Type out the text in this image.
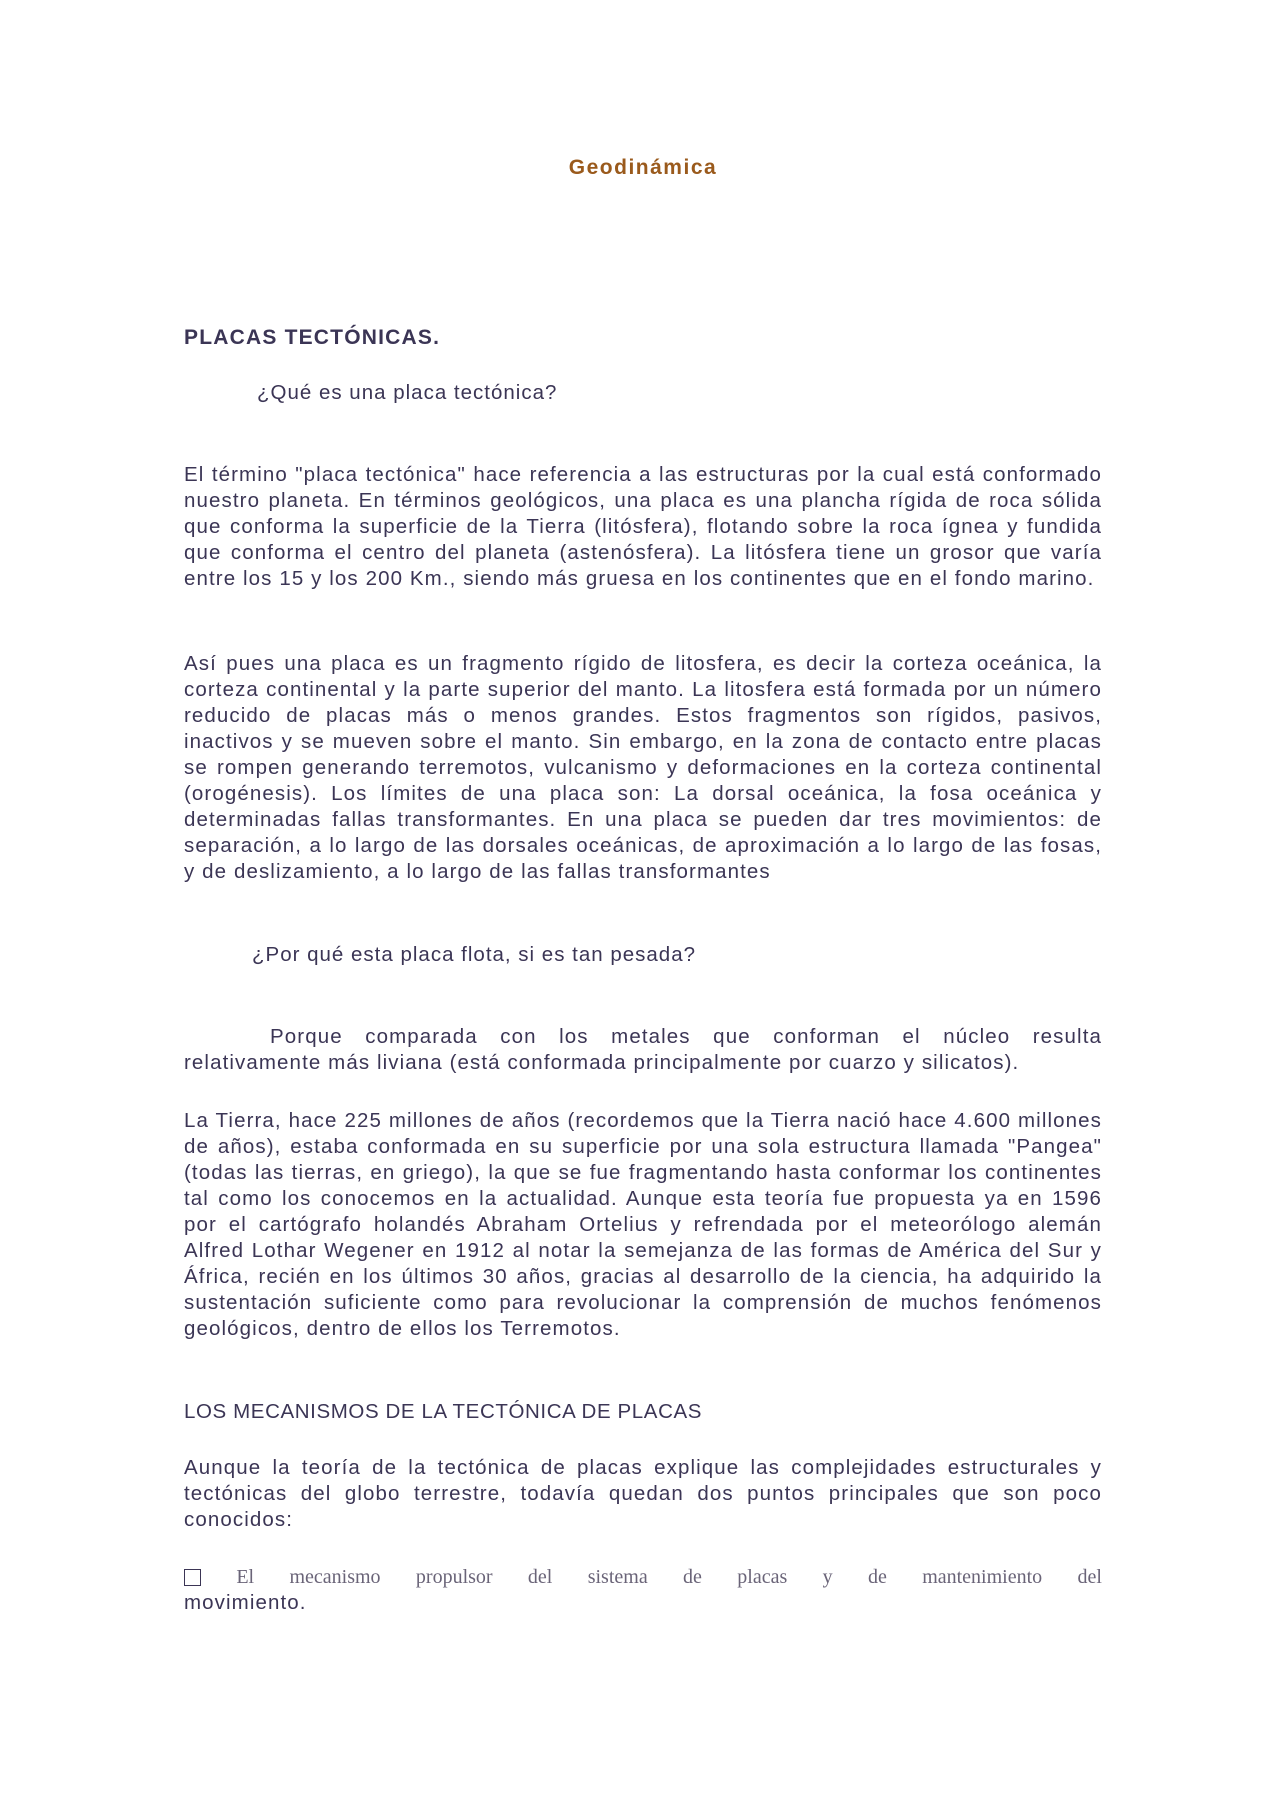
Geodinámica
PLACAS TECTÓNICAS.
¿Qué es una placa tectónica?
El término "placa tectónica" hace referencia a las estructuras por la cual está conformado nuestro planeta. En términos geológicos, una placa es una plancha rígida de roca sólida que conforma la superficie de la Tierra (litósfera), flotando sobre la roca ígnea y fundida que conforma el centro del planeta (astenósfera). La litósfera tiene un grosor que varía entre los 15 y los 200 Km., siendo más gruesa en los continentes que en el fondo marino.
Así pues una placa es un fragmento rígido de litosfera, es decir la corteza oceánica, la corteza continental y la parte superior del manto. La litosfera está formada por un número reducido de placas más o menos grandes. Estos fragmentos son rígidos, pasivos, inactivos y se mueven sobre el manto. Sin embargo, en la zona de contacto entre placas se rompen generando terremotos, vulcanismo y deformaciones en la corteza continental (orogénesis). Los límites de una placa son: La dorsal oceánica, la fosa oceánica y determinadas fallas transformantes. En una placa se pueden dar tres movimientos: de separación, a lo largo de las dorsales oceánicas, de aproximación a lo largo de las fosas, y de deslizamiento, a lo largo de las fallas transformantes
¿Por qué esta placa flota, si es tan pesada?
Porque comparada con los metales que conforman el núcleo resulta relativamente más liviana (está conformada principalmente por cuarzo y silicatos).
La Tierra, hace 225 millones de años (recordemos que la Tierra nació hace 4.600 millones de años), estaba conformada en su superficie por una sola estructura llamada "Pangea" (todas las tierras, en griego), la que se fue fragmentando hasta conformar los continentes tal como los conocemos en la actualidad. Aunque esta teoría fue propuesta ya en 1596 por el cartógrafo holandés Abraham Ortelius y refrendada por el meteorólogo alemán Alfred Lothar Wegener en 1912 al notar la semejanza de las formas de América del Sur y África, recién en los últimos 30 años, gracias al desarrollo de la ciencia, ha adquirido la sustentación suficiente como para revolucionar la comprensión de muchos fenómenos geológicos, dentro de ellos los Terremotos.
LOS MECANISMOS DE LA TECTÓNICA DE PLACAS
Aunque la teoría de la tectónica de placas explique las complejidades estructurales y tectónicas del globo terrestre, todavía quedan dos puntos principales que son poco conocidos:
El mecanismo propulsor del sistema de placas y de mantenimiento del
movimiento.
